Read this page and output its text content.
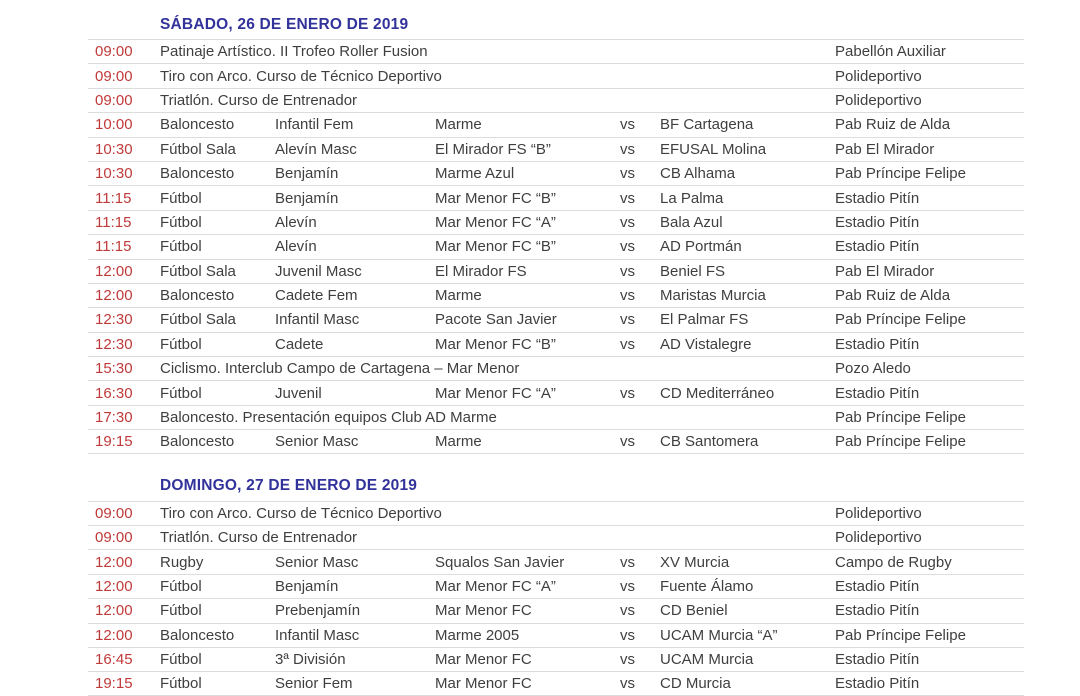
SÁBADO, 26 DE ENERO DE 2019
09:00	Patinaje Artístico. II Trofeo Roller Fusion	Pabellón Auxiliar
09:00	Tiro con Arco. Curso de Técnico Deportivo	Polideportivo
09:00	Triatlón. Curso de Entrenador	Polideportivo
10:00	Baloncesto	Infantil Fem	Marme	vs	BF Cartagena	Pab Ruiz de Alda
10:30	Fútbol Sala	Alevín Masc	El Mirador FS “B”	vs	EFUSAL Molina	Pab El Mirador
10:30	Baloncesto	Benjamín	Marme Azul	vs	CB Alhama	Pab Príncipe Felipe
11:15	Fútbol	Benjamín	Mar Menor FC “B”	vs	La Palma	Estadio Pitín
11:15	Fútbol	Alevín	Mar Menor FC “A”	vs	Bala Azul	Estadio Pitín
11:15	Fútbol	Alevín	Mar Menor FC “B”	vs	AD Portmán	Estadio Pitín
12:00	Fútbol Sala	Juvenil Masc	El Mirador FS	vs	Beniel FS	Pab El Mirador
12:00	Baloncesto	Cadete Fem	Marme	vs	Maristas Murcia	Pab Ruiz de Alda
12:30	Fútbol Sala	Infantil Masc	Pacote San Javier	vs	El Palmar FS	Pab Príncipe Felipe
12:30	Fútbol	Cadete	Mar Menor FC “B”	vs	AD Vistalegre	Estadio Pitín
15:30	Ciclismo. Interclub Campo de Cartagena – Mar Menor	Pozo Aledo
16:30	Fútbol	Juvenil	Mar Menor FC “A”	vs	CD Mediterráneo	Estadio Pitín
17:30	Baloncesto. Presentación equipos Club AD Marme	Pab Príncipe Felipe
19:15	Baloncesto	Senior Masc	Marme	vs	CB Santomera	Pab Príncipe Felipe
DOMINGO, 27 DE ENERO DE 2019
09:00	Tiro con Arco. Curso de Técnico Deportivo	Polideportivo
09:00	Triatlón. Curso de Entrenador	Polideportivo
12:00	Rugby	Senior Masc	Squalos San Javier	vs	XV Murcia	Campo de Rugby
12:00	Fútbol	Benjamín	Mar Menor FC “A”	vs	Fuente Álamo	Estadio Pitín
12:00	Fútbol	Prebenjamín	Mar Menor FC	vs	CD Beniel	Estadio Pitín
12:00	Baloncesto	Infantil Masc	Marme 2005	vs	UCAM Murcia “A”	Pab Príncipe Felipe
16:45	Fútbol	3ª División	Mar Menor FC	vs	UCAM Murcia	Estadio Pitín
19:15	Fútbol	Senior Fem	Mar Menor FC	vs	CD Murcia	Estadio Pitín
